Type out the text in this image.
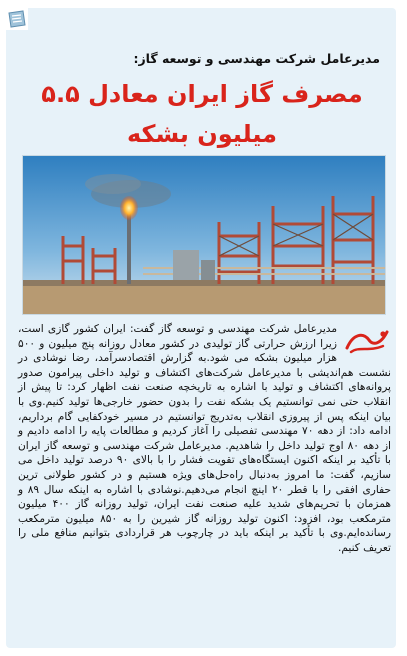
مدیرعامل شرکت مهندسی و توسعه گاز:

مصرف گاز ایران معادل ۵.۵ میلیون بشکه

مدیرعامل شرکت مهندسی و توسعه گاز گفت: ایران کشور گازی است، زیرا ارزش حرارتی گاز تولیدی در کشور معادل روزانه پنج میلیون و ۵۰۰ هزار میلیون بشکه می شود.به گزارش اقتصادسرآمد، رضا نوشادی در نشست هم‌اندیشی با مدیرعامل شرکت‌های اکتشاف و تولید داخلی پیرامون صدور پروانه‌های اکتشاف و تولید با اشاره به تاریخچه صنعت نفت اظهار کرد: تا پیش از انقلاب حتی نمی توانستیم یک بشکه نفت را بدون حضور خارجی‌ها تولید کنیم.وی با بیان اینکه پس از پیروزی انقلاب به‌تدریج توانستیم در مسیر خودکفایی گام برداریم، ادامه داد: از دهه ۷۰ مهندسی تفصیلی را آغاز کردیم و مطالعات پایه را ادامه دادیم و از دهه ۸۰ اوج تولید داخل را شاهدیم. مدیرعامل شرکت مهندسی و توسعه گاز ایران با تأکید بر اینکه اکنون ایستگاه‌های تقویت فشار را با بالای ۹۰ درصد تولید داخل می سازیم، گفت: ما امروز به‌دنبال راه‌حل‌های ویژه هستیم و در کشور طولانی ترین حفاری افقی را با قطر ۲۰ اینچ انجام می‌دهیم.نوشادی با اشاره به اینکه سال ۸۹ و همزمان با تحریم‌های شدید علیه صنعت نفت ایران، تولید روزانه گاز ۴۰۰ میلیون مترمکعب بود، افزود: اکنون تولید روزانه گاز شیرین را به ۸۵۰ میلیون مترمکعب رسانده‌ایم.وی با تأکید بر اینکه باید در چارچوب هر قراردادی بتوانیم منافع ملی را تعریف کنیم.
